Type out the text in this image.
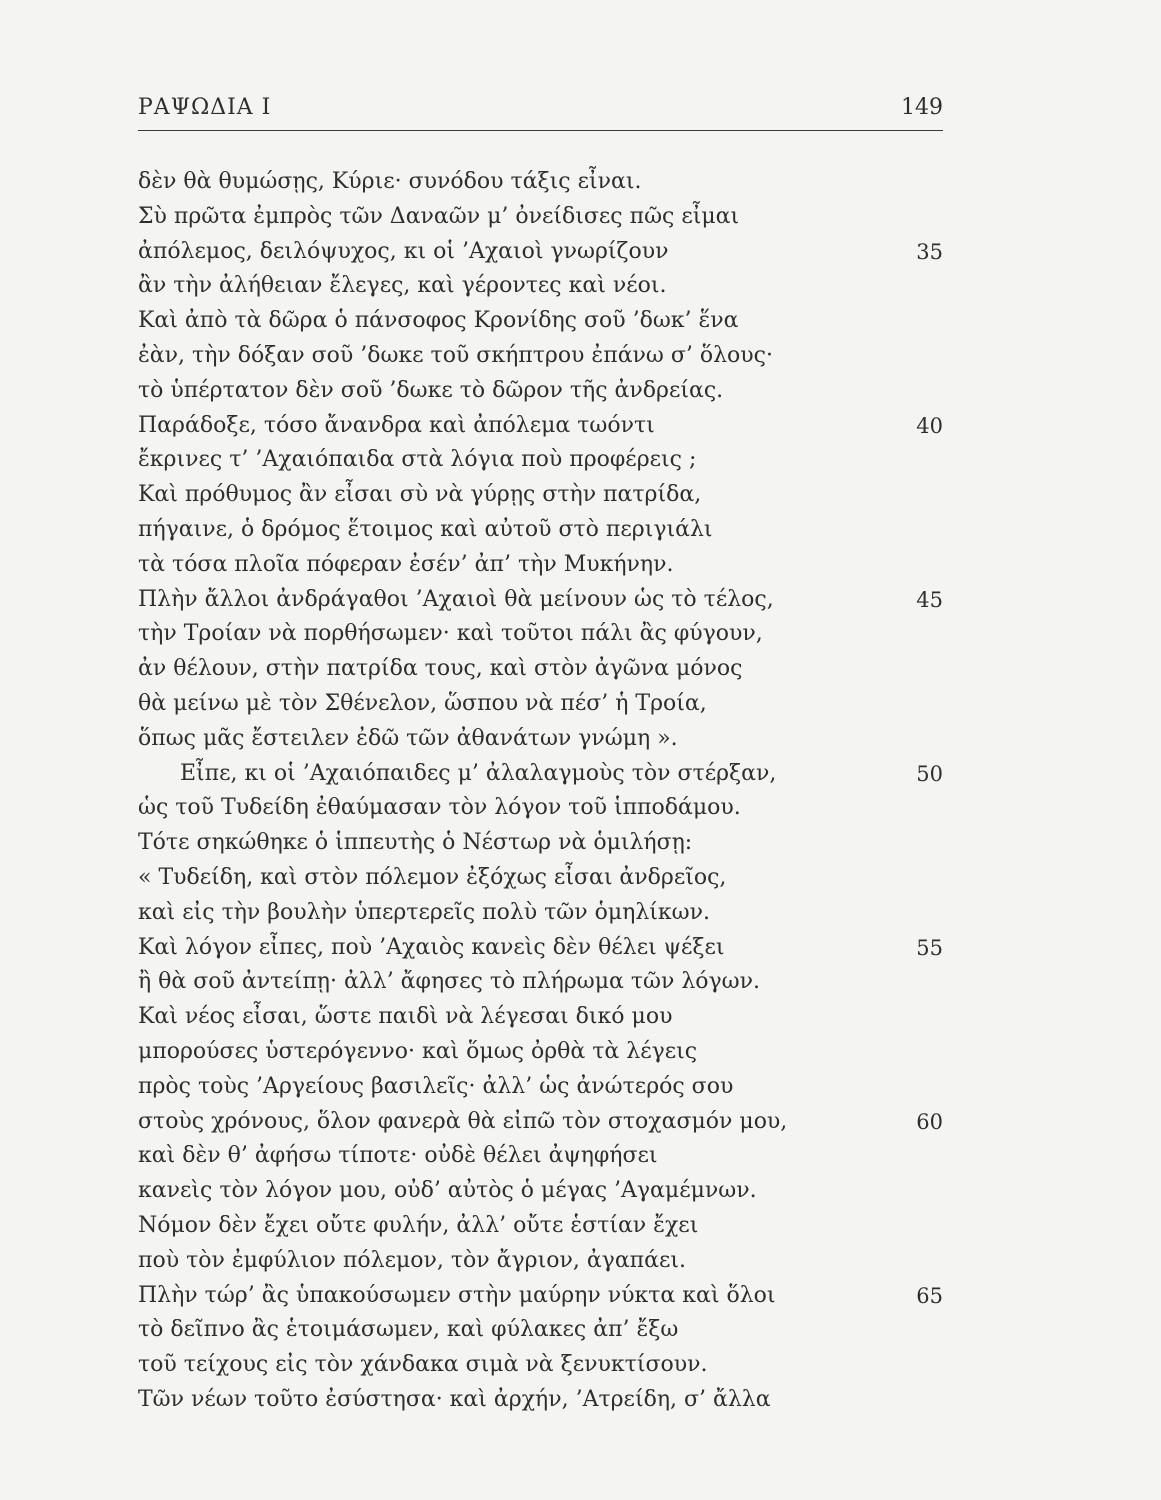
ΡΑΨΩΔΙΑ Ι	149
δὲν θὰ θυμώσῃς, Κύριε· συνόδου τάξις εἶναι.
Σὺ πρῶτα ἐμπρὸς τῶν Δαναῶν μ’ ὀνείδισες πῶς εἶμαι
ἀπόλεμος, δειλόψυχος, κι οἱ ’Αχαιοὶ γνωρίζουν	35
ἂν τὴν ἀλήθειαν ἔλεγες, καὶ γέροντες καὶ νέοι.
Καὶ ἀπὸ τὰ δῶρα ὁ πάνσοφος Κρονίδης σοῦ ’δωκ’ ἕνα
ἐὰν, τὴν δόξαν σοῦ ’δωκε τοῦ σκήπτρου ἐπάνω σ’ ὅλους·
τὸ ὑπέρτατον δὲν σοῦ ’δωκε τὸ δῶρον τῆς ἀνδρείας.
Παράδοξε, τόσο ἄνανδρα καὶ ἀπόλεμα τωόντι	40
ἔκρινες τ’ ’Αχαιόπαιδα στὰ λόγια ποὺ προφέρεις ;
Καὶ πρόθυμος ἂν εἶσαι σὺ νὰ γύρῃς στὴν πατρίδα,
πήγαινε, ὁ δρόμος ἕτοιμος καὶ αὐτοῦ στὸ περιγιάλι
τὰ τόσα πλοῖα πόφεραν ἐσέν’ ἀπ’ τὴν Μυκήνην.
Πλὴν ἄλλοι ἀνδράγαθοι ’Αχαιοὶ θὰ μείνουν ὡς τὸ τέλος,	45
τὴν Τροίαν νὰ πορθήσωμεν· καὶ τοῦτοι πάλι ἂς φύγουν,
ἀν θέλουν, στὴν πατρίδα τους, καὶ στὸν ἀγῶνα μόνος
θὰ μείνω μὲ τὸν Σθένελον, ὥσπου νὰ πέσ’ ἡ Τροία,
ὅπως μᾶς ἔστειλεν ἐδῶ τῶν ἀθανάτων γνώμη ».
Εἶπε, κι οἱ ’Αχαιόπαιδες μ’ ἀλαλαγμοὺς τὸν στέρξαν,	50
ὡς τοῦ Τυδείδη ἐθαύμασαν τὸν λόγον τοῦ ἱπποδάμου.
Τότε σηκώθηκε ὁ ἱππευτὴς ὁ Νέστωρ νὰ ὁμιλήσῃ:
« Τυδείδη, καὶ στὸν πόλεμον ἐξόχως εἶσαι ἀνδρεῖος,
καὶ εἰς τὴν βουλὴν ὑπερτερεῖς πολὺ τῶν ὁμηλίκων.
Καὶ λόγον εἶπες, ποὺ ’Αχαιὸς κανεὶς δὲν θέλει ψέξει	55
ἢ θὰ σοῦ ἀντείπῃ· ἀλλ’ ἄφησες τὸ πλήρωμα τῶν λόγων.
Καὶ νέος εἶσαι, ὥστε παιδὶ νὰ λέγεσαι δικό μου
μπορούσες ὑστερόγεννο· καὶ ὅμως ὀρθὰ τὰ λέγεις
πρὸς τοὺς ’Αργείους βασιλεῖς· ἀλλ’ ὡς ἀνώτερός σου
στοὺς χρόνους, ὅλον φανερὰ θὰ εἰπῶ τὸν στοχασμόν μου,	60
καὶ δὲν θ’ ἀφήσω τίποτε· οὐδὲ θέλει ἀψηφήσει
κανεὶς τὸν λόγον μου, οὐδ’ αὐτὸς ὁ μέγας ’Αγαμέμνων.
Νόμον δὲν ἔχει οὔτε φυλήν, ἀλλ’ οὔτε ἑστίαν ἔχει
ποὺ τὸν ἐμφύλιον πόλεμον, τὸν ἄγριον, ἀγαπάει.
Πλὴν τώρ’ ἂς ὑπακούσωμεν στὴν μαύρην νύκτα καὶ ὅλοι	65
τὸ δεῖπνο ἂς ἑτοιμάσωμεν, καὶ φύλακες ἀπ’ ἔξω
τοῦ τείχους εἰς τὸν χάνδακα σιμὰ νὰ ξενυκτίσουν.
Τῶν νέων τοῦτο ἐσύστησα· καὶ ἀρχήν, ’Ατρείδη, σ’ ἄλλα
